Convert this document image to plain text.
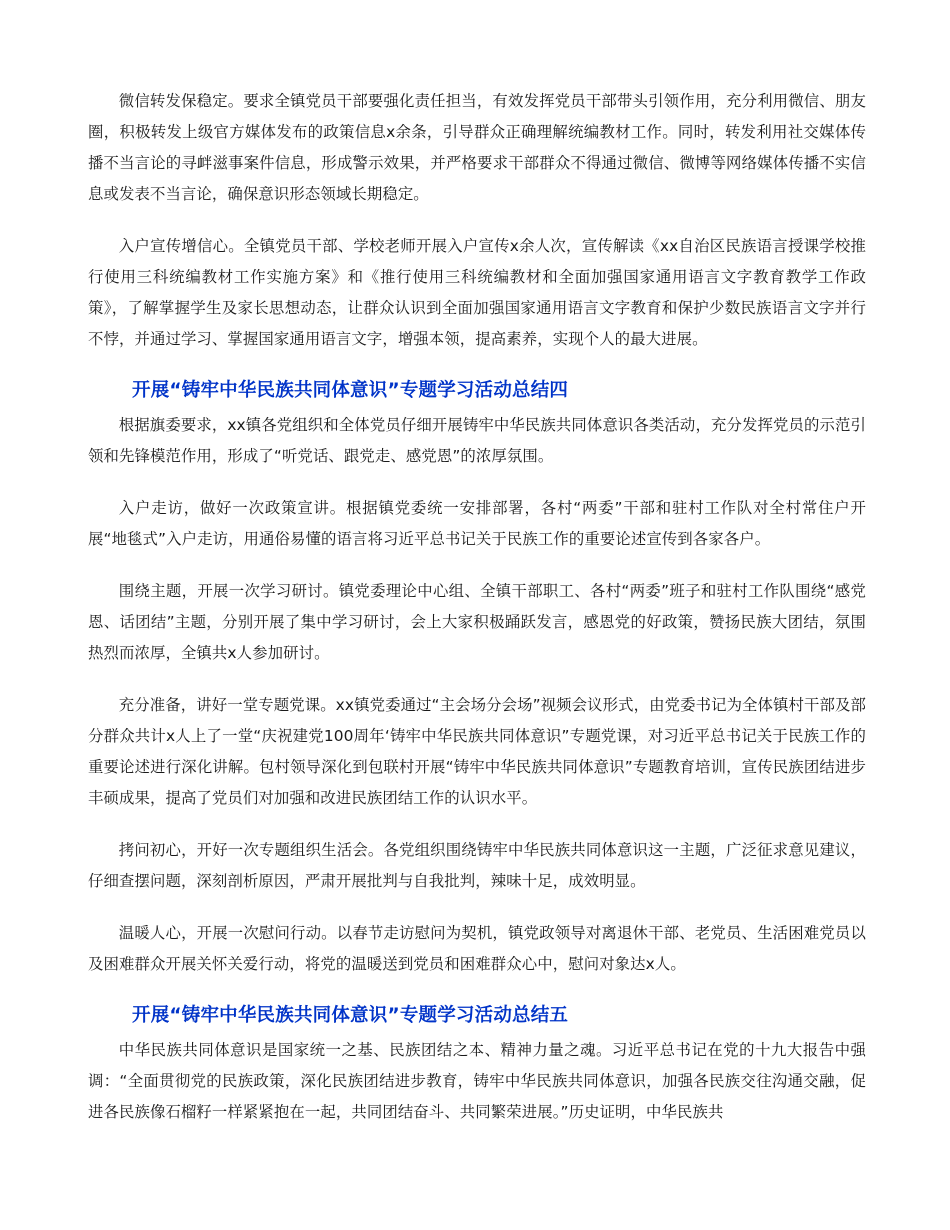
微信转发保稳定。要求全镇党员干部要强化责任担当，有效发挥党员干部带头引领作用，充分利用微信、朋友圈，积极转发上级官方媒体发布的政策信息x余条，引导群众正确理解统编教材工作。同时，转发利用社交媒体传播不当言论的寻衅滋事案件信息，形成警示效果，并严格要求干部群众不得通过微信、微博等网络媒体传播不实信息或发表不当言论，确保意识形态领域长期稳定。

入户宣传增信心。全镇党员干部、学校老师开展入户宣传x余人次，宣传解读《xx自治区民族语言授课学校推行使用三科统编教材工作实施方案》和《推行使用三科统编教材和全面加强国家通用语言文字教育教学工作政策》，了解掌握学生及家长思想动态，让群众认识到全面加强国家通用语言文字教育和保护少数民族语言文字并行不悖，并通过学习、掌握国家通用语言文字，增强本领，提高素养，实现个人的最大进展。

开展“铸牢中华民族共同体意识”专题学习活动总结四

根据旗委要求，xx镇各党组织和全体党员仔细开展铸牢中华民族共同体意识各类活动，充分发挥党员的示范引领和先锋模范作用，形成了“听党话、跟党走、感党恩”的浓厚氛围。

入户走访，做好一次政策宣讲。根据镇党委统一安排部署，各村“两委”干部和驻村工作队对全村常住户开展“地毯式”入户走访，用通俗易懂的语言将习近平总书记关于民族工作的重要论述宣传到各家各户。

围绕主题，开展一次学习研讨。镇党委理论中心组、全镇干部职工、各村“两委”班子和驻村工作队围绕“感党恩、话团结”主题，分别开展了集中学习研讨，会上大家积极踊跃发言，感恩党的好政策，赞扬民族大团结，氛围热烈而浓厚，全镇共x人参加研讨。

充分准备，讲好一堂专题党课。xx镇党委通过“主会场分会场”视频会议形式，由党委书记为全体镇村干部及部分群众共计x人上了一堂“庆祝建党100周年‘铸牢中华民族共同体意识”专题党课，对习近平总书记关于民族工作的重要论述进行深化讲解。包村领导深化到包联村开展“铸牢中华民族共同体意识”专题教育培训，宣传民族团结进步丰硕成果，提高了党员们对加强和改进民族团结工作的认识水平。

拷问初心，开好一次专题组织生活会。各党组织围绕铸牢中华民族共同体意识这一主题，广泛征求意见建议，仔细查摆问题，深刻剖析原因，严肃开展批判与自我批判，辣味十足，成效明显。

温暖人心，开展一次慰问行动。以春节走访慰问为契机，镇党政领导对离退休干部、老党员、生活困难党员以及困难群众开展关怀关爱行动，将党的温暖送到党员和困难群众心中，慰问对象达x人。

开展“铸牢中华民族共同体意识”专题学习活动总结五

中华民族共同体意识是国家统一之基、民族团结之本、精神力量之魂。习近平总书记在党的十九大报告中强调：“全面贯彻党的民族政策，深化民族团结进步教育，铸牢中华民族共同体意识，加强各民族交往沟通交融，促进各民族像石榴籽一样紧紧抱在一起，共同团结奋斗、共同繁荣进展。”历史证明，中华民族共
